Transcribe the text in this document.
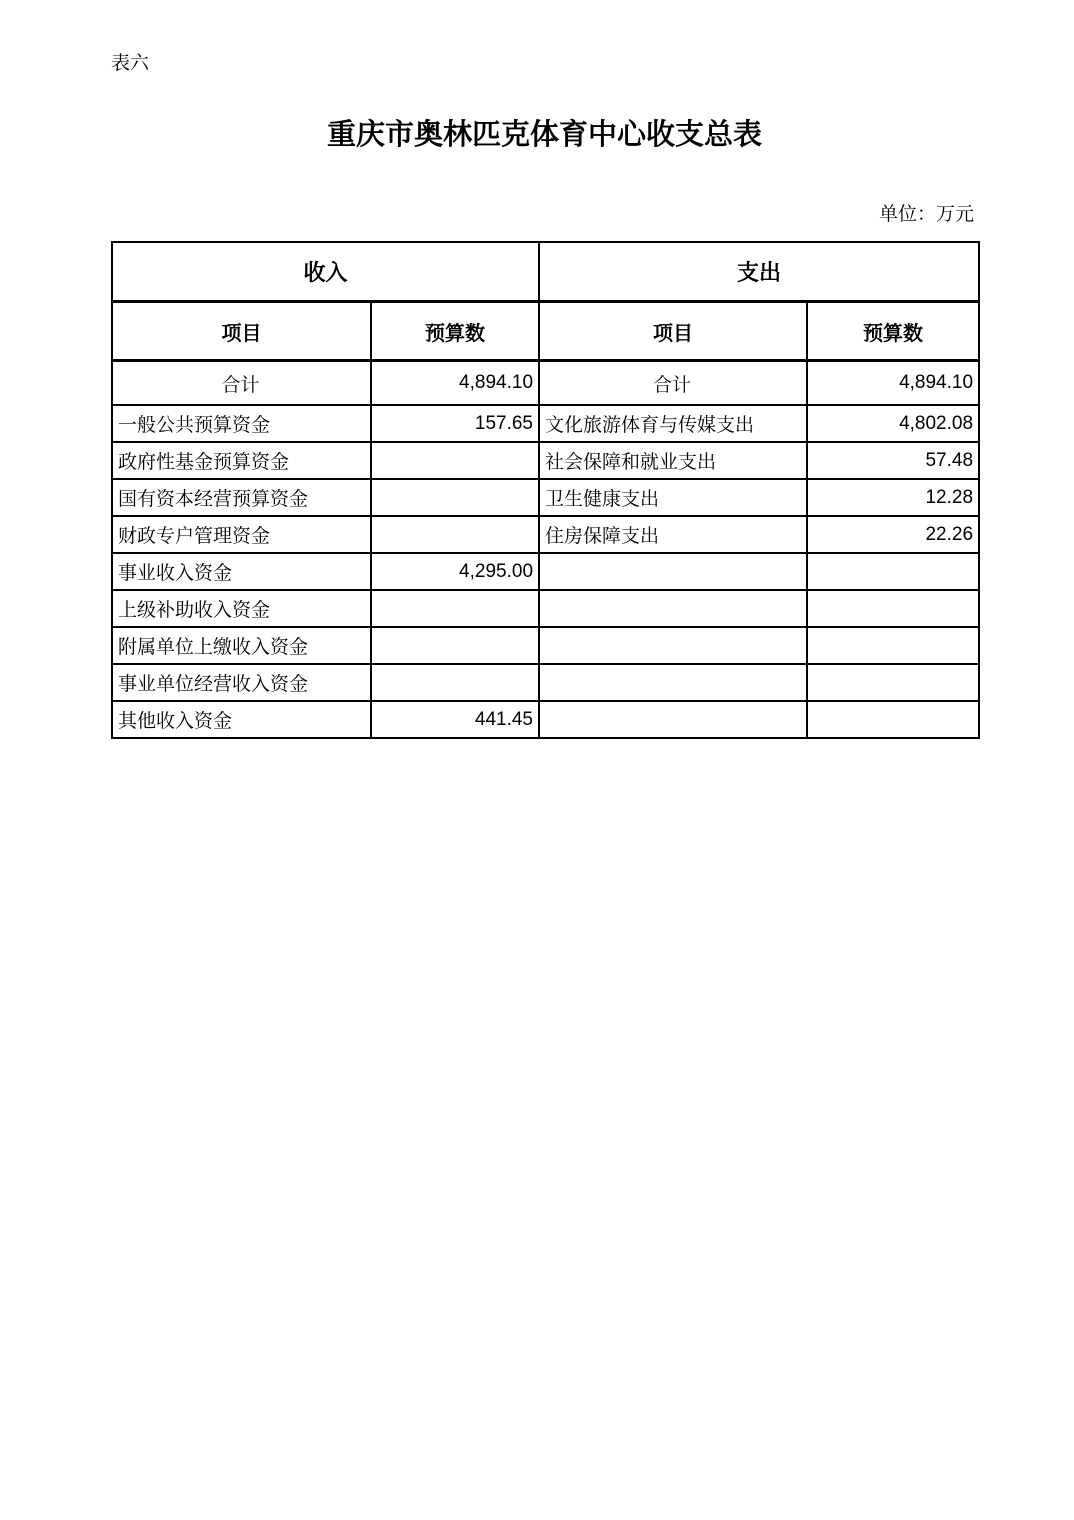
表六
重庆市奥林匹克体育中心收支总表
单位：万元
收入		支出	
项目	预算数	项目	预算数
合计	4,894.10	合计	4,894.10
一般公共预算资金	157.65	文化旅游体育与传媒支出	4,802.08
政府性基金预算资金		社会保障和就业支出	57.48
国有资本经营预算资金		卫生健康支出	12.28
财政专户管理资金		住房保障支出	22.26
事业收入资金	4,295.00		
上级补助收入资金			
附属单位上缴收入资金			
事业单位经营收入资金			
其他收入资金	441.45		
